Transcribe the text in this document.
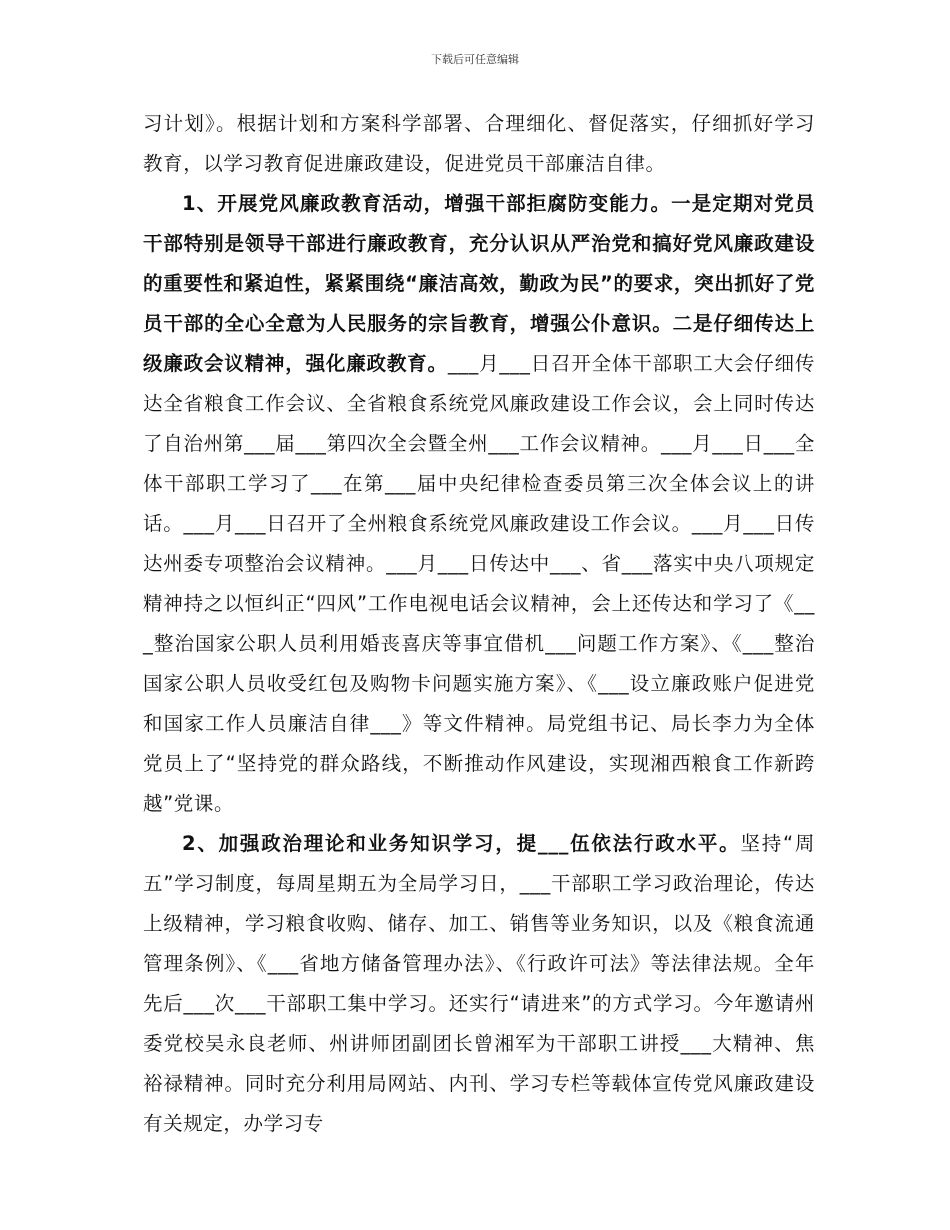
下载后可任意编辑

习计划》。根据计划和方案科学部署、合理细化、督促落实，仔细抓好学习教育，以学习教育促进廉政建设，促进党员干部廉洁自律。

1、开展党风廉政教育活动，增强干部拒腐防变能力。一是定期对党员干部特别是领导干部进行廉政教育，充分认识从严治党和搞好党风廉政建设的重要性和紧迫性，紧紧围绕“廉洁高效，勤政为民”的要求，突出抓好了党员干部的全心全意为人民服务的宗旨教育，增强公仆意识。二是仔细传达上级廉政会议精神，强化廉政教育。___月___日召开全体干部职工大会仔细传达全省粮食工作会议、全省粮食系统党风廉政建设工作会议，会上同时传达了自治州第___届___第四次全会暨全州___工作会议精神。___月___日___全体干部职工学习了___在第___届中央纪律检查委员第三次全体会议上的讲话。___月___日召开了全州粮食系统党风廉政建设工作会议。___月___日传达州委专项整治会议精神。___月___日传达中___、省___落实中央八项规定精神持之以恒纠正“四风”工作电视电话会议精神，会上还传达和学习了《___整治国家公职人员利用婚丧喜庆等事宜借机___问题工作方案》、《___整治国家公职人员收受红包及购物卡问题实施方案》、《___设立廉政账户促进党和国家工作人员廉洁自律___》等文件精神。局党组书记、局长李力为全体党员上了“坚持党的群众路线，不断推动作风建设，实现湘西粮食工作新跨越”党课。

2、加强政治理论和业务知识学习，提___伍依法行政水平。坚持“周五”学习制度，每周星期五为全局学习日，___干部职工学习政治理论，传达上级精神，学习粮食收购、储存、加工、销售等业务知识，以及《粮食流通管理条例》、《___省地方储备管理办法》、《行政许可法》等法律法规。全年先后___次___干部职工集中学习。还实行“请进来”的方式学习。今年邀请州委党校吴永良老师、州讲师团副团长曾湘军为干部职工讲授___大精神、焦裕禄精神。同时充分利用局网站、内刊、学习专栏等载体宣传党风廉政建设有关规定，办学习专
